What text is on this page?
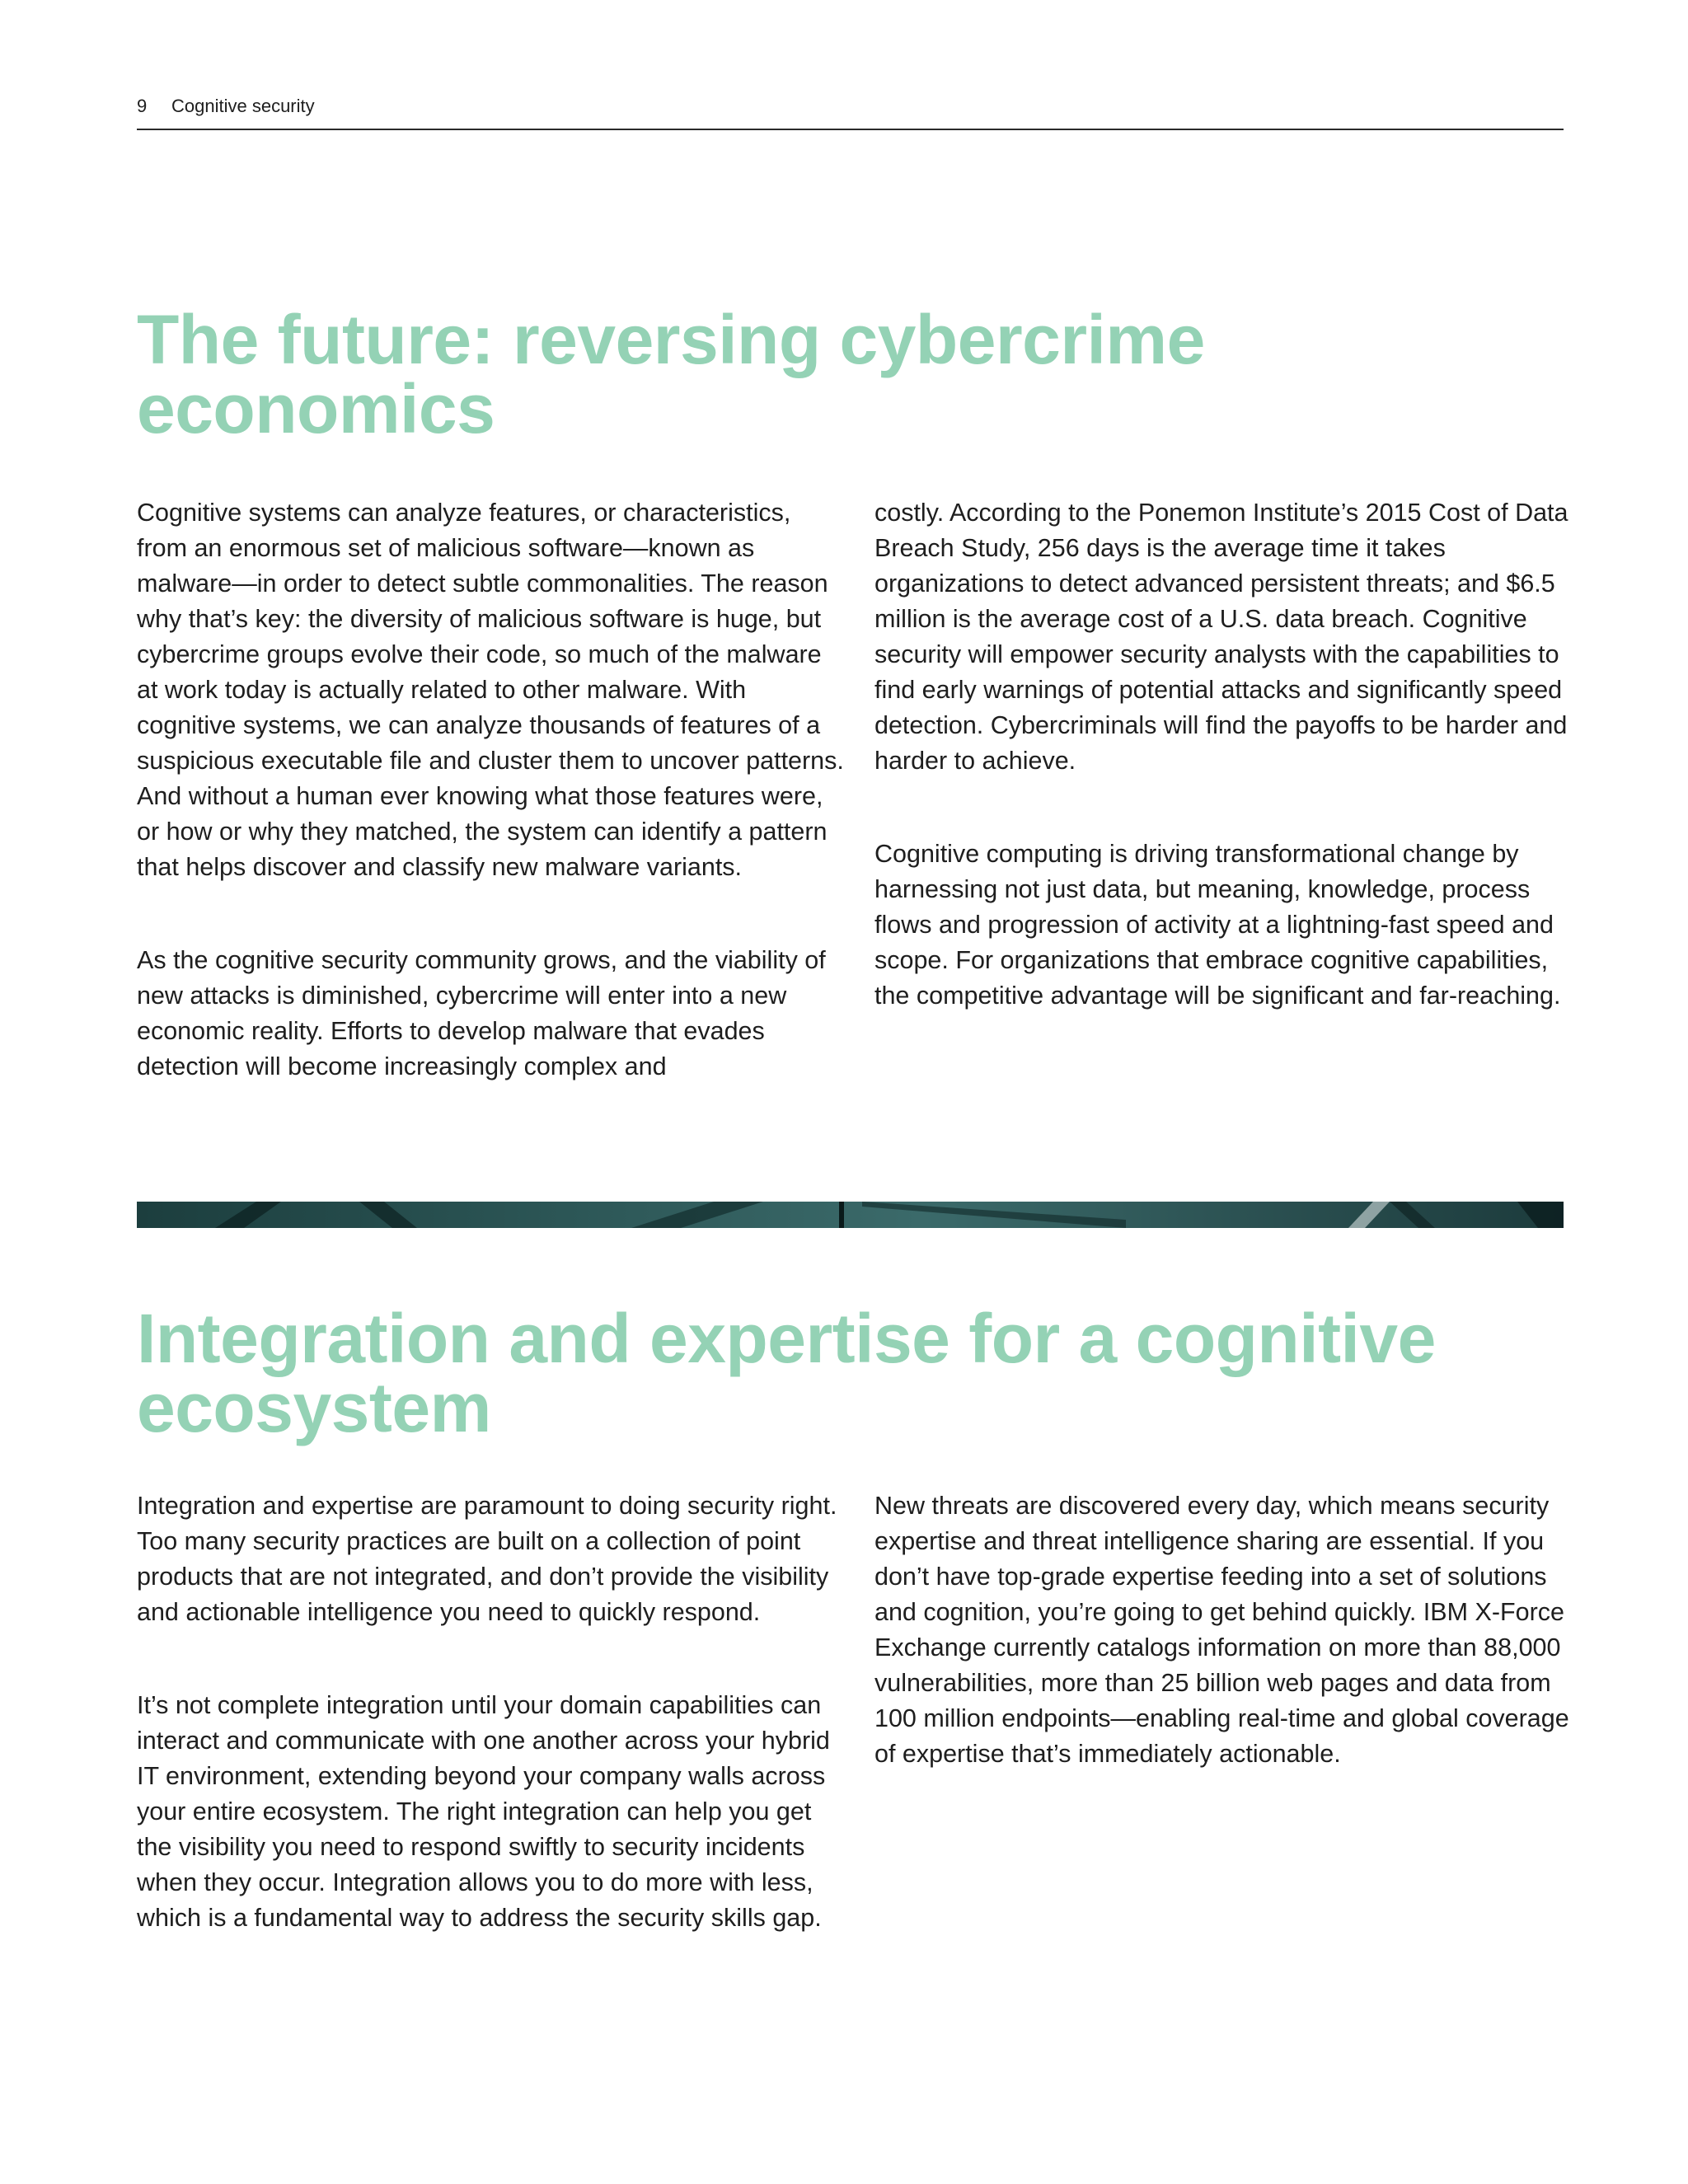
9 Cognitive security
The future: reversing cybercrime
economics

Cognitive systems can analyze features, or characteristics, from an enormous set of malicious software—known as malware—in order to detect subtle commonalities. The reason why that’s key: the diversity of malicious software is huge, but cybercrime groups evolve their code, so much of the malware at work today is actually related to other malware. With cognitive systems, we can analyze thousands of features of a suspicious executable file and cluster them to uncover patterns. And without a human ever knowing what those features were, or how or why they matched, the system can identify a pattern that helps discover and classify new malware variants.

As the cognitive security community grows, and the viability of new attacks is diminished, cybercrime will enter into a new economic reality. Efforts to develop malware that evades detection will become increasingly complex and

costly. According to the Ponemon Institute’s 2015 Cost of Data Breach Study, 256 days is the average time it takes organizations to detect advanced persistent threats; and $6.5 million is the average cost of a U.S. data breach. Cognitive security will empower security analysts with the capabilities to find early warnings of potential attacks and significantly speed detection. Cybercriminals will find the payoffs to be harder and harder to achieve.

Cognitive computing is driving transformational change by harnessing not just data, but meaning, knowledge, process flows and progression of activity at a lightning-fast speed and scope. For organizations that embrace cognitive capabilities, the competitive advantage will be significant and far-reaching.

Integration and expertise for a cognitive
ecosystem

Integration and expertise are paramount to doing security right. Too many security practices are built on a collection of point products that are not integrated, and don’t provide the visibility and actionable intelligence you need to quickly respond.

It’s not complete integration until your domain capabilities can interact and communicate with one another across your hybrid IT environment, extending beyond your company walls across your entire ecosystem. The right integration can help you get the visibility you need to respond swiftly to security incidents when they occur. Integration allows you to do more with less, which is a fundamental way to address the security skills gap.

New threats are discovered every day, which means security expertise and threat intelligence sharing are essential. If you don’t have top-grade expertise feeding into a set of solutions and cognition, you’re going to get behind quickly. IBM X-Force Exchange currently catalogs information on more than 88,000 vulnerabilities, more than 25 billion web pages and data from 100 million endpoints—enabling real-time and global coverage of expertise that’s immediately actionable.
